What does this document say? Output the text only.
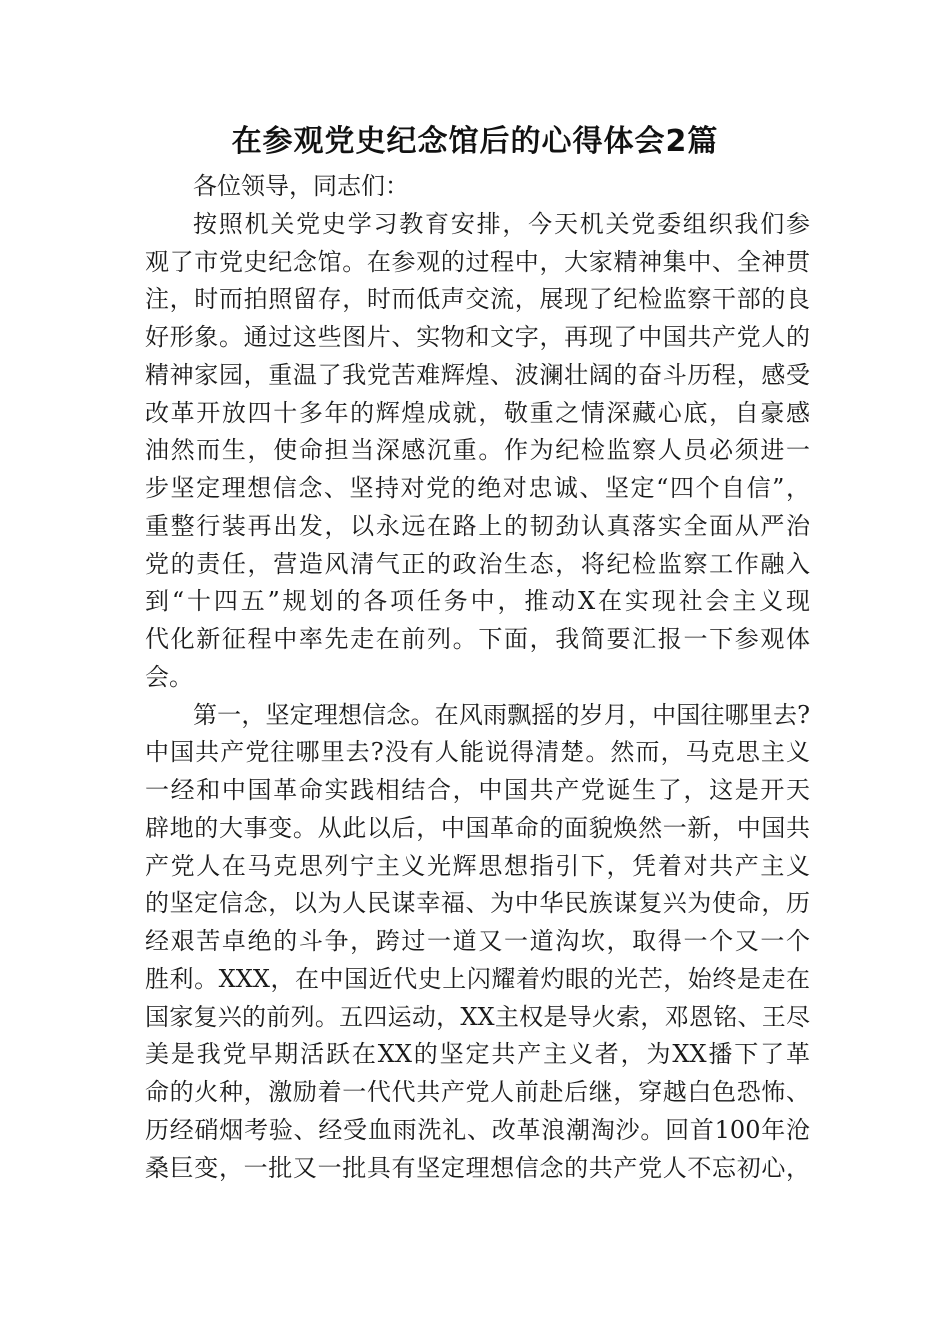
在参观党史纪念馆后的心得体会2篇
各位领导，同志们：
按照机关党史学习教育安排，今天机关党委组织我们参
观了市党史纪念馆。在参观的过程中，大家精神集中、全神贯
注，时而拍照留存，时而低声交流，展现了纪检监察干部的良
好形象。通过这些图片、实物和文字，再现了中国共产党人的
精神家园，重温了我党苦难辉煌、波澜壮阔的奋斗历程，感受
改革开放四十多年的辉煌成就，敬重之情深藏心底，自豪感
油然而生，使命担当深感沉重。作为纪检监察人员必须进一
步坚定理想信念、坚持对党的绝对忠诚、坚定“四个自信”，
重整行装再出发，以永远在路上的韧劲认真落实全面从严治
党的责任，营造风清气正的政治生态，将纪检监察工作融入
到“十四五”规划的各项任务中，推动X在实现社会主义现
代化新征程中率先走在前列。下面，我简要汇报一下参观体
会。
第一，坚定理想信念。在风雨飘摇的岁月，中国往哪里去?
中国共产党往哪里去?没有人能说得清楚。然而，马克思主义
一经和中国革命实践相结合，中国共产党诞生了，这是开天
辟地的大事变。从此以后，中国革命的面貌焕然一新，中国共
产党人在马克思列宁主义光辉思想指引下，凭着对共产主义
的坚定信念，以为人民谋幸福、为中华民族谋复兴为使命，历
经艰苦卓绝的斗争，跨过一道又一道沟坎，取得一个又一个
胜利。XXX，在中国近代史上闪耀着灼眼的光芒，始终是走在
国家复兴的前列。五四运动，XX主权是导火索，邓恩铭、王尽
美是我党早期活跃在XX的坚定共产主义者，为XX播下了革
命的火种，激励着一代代共产党人前赴后继，穿越白色恐怖、
历经硝烟考验、经受血雨洗礼、改革浪潮淘沙。回首100年沧
桑巨变，一批又一批具有坚定理想信念的共产党人不忘初心，
